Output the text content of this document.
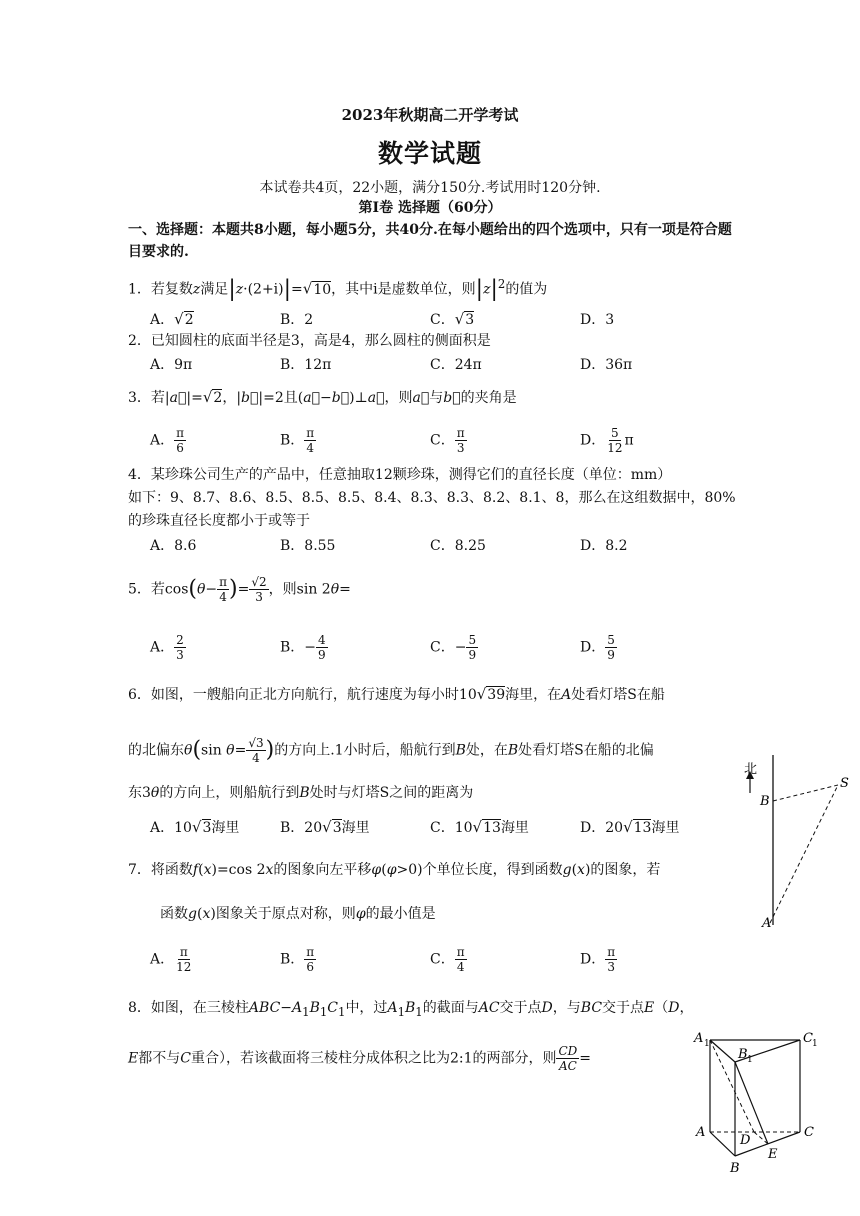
2023年秋期高二开学考试
数学试题
本试卷共4页，22小题，满分150分.考试用时120分钟.
第Ⅰ卷 选择题（60分）
一、选择题：本题共8小题，每小题5分，共40分.在每小题给出的四个选项中，只有一项是符合题目要求的.
1．若复数z满足|z·(2+i)|=√10，其中i是虚数单位，则$|z|^2$的值为
A．√2	B．2	C．√3	D．3
2．已知圆柱的底面半径是3，高是4，那么圆柱的侧面积是
A．9π	B．12π	C．24π	D．36π
3．若|a⃗|=√2，|b⃗|=2且(a⃗−b⃗)⊥a⃗，则a⃗与b⃗的夹角是
A． $\frac{\pi}{6}$	B． $\frac{\pi}{4}$	C． $\frac{\pi}{3}$	D． $\frac{5}{12}$ π
4．某珍珠公司生产的产品中，任意抽取12颗珍珠，测得它们的直径长度（单位：mm）
如下：9、8.7、8.6、8.5、8.5、8.5、8.4、8.3、8.3、8.2、8.1、8，那么在这组数据中，80%
的珍珠直径长度都小于或等于
A．8.6	B．8.55	C．8.25	D．8.2
5．若$\cos(\theta- \frac{\pi}{4}$ )= $\frac{√2}{3}$ ，则sin 2θ=
A． $\frac{2}{3}$	B．− $\frac{4}{9}$	C．− $\frac{5}{9}$	D． $\frac{5}{9}$
6．如图，一艘船向正北方向航行，航行速度为每小时10√39海里，在A处看灯塔S在船
的北偏东θ(sin $\theta= \frac{√3}{4}$ )的方向上.1小时后，船航行到B处，在B处看灯塔S在船的北偏
东3θ的方向上，则船航行到B处时与灯塔S之间的距离为
A．10√3海里	B．20√3海里	C．10√13海里	D．20√13海里
北
B
S
A
7．将函数f(x)=cos 2x的图象向左平移φ(φ>0)个单位长度，得到函数g(x)的图象，若
函数g(x)图象关于原点对称，则φ的最小值是
A． $\frac{\pi}{12}$	B． $\frac{\pi}{6}$	C． $\frac{\pi}{4}$	D． $\frac{\pi}{3}$
8．如图，在三棱柱$ABC-A_1B_1C_1$中，过$A_1B_1$的截面与AC交于点D，与BC交于点E（D，
E都不与C重合），若该截面将三棱柱分成体积之比为2:1的两部分，则 $\frac{CD}{AC}$ =
A 1	C 1
B 1
A	C
D
E
B
